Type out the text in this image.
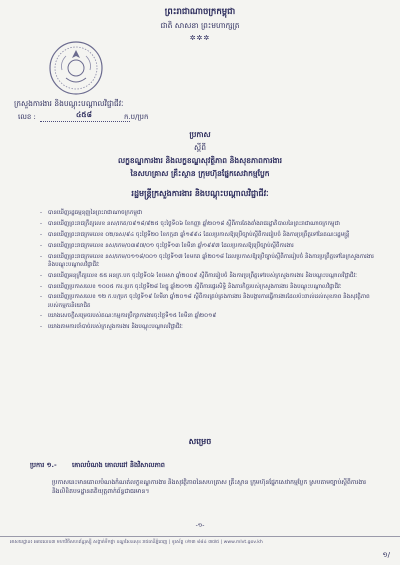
ព្រះរាជាណាចក្រកម្ពុជា
ជាតិ សាសនា ព្រះមហាក្សត្រ
✲✲✲
ក្រសួងការងារ និងបណ្ដុះបណ្ដាលវិជ្ជាជីវៈ
លេខ :	៤៥៨	ក.ប/ប្រក
ប្រកាស
ស្ដីពី
លក្ខខណ្ឌការងារ និងលក្ខខណ្ឌសុវត្ថិភាព និងសុខភាពការងារ
នៃសហគ្រាស គ្រឹះស្ថាន ក្រុមហ៊ុនផ្នែកសេវាកម្មប្លែក
រដ្ឋមន្ត្រីក្រសួងការងារ និងបណ្ដុះបណ្ដាលវិជ្ជាជីវៈ
- បានឃើញរដ្ឋធម្មនុញ្ញនៃព្រះរាជាណាចក្រកម្ពុជា
- បានឃើញព្រះរាជក្រឹត្យលេខ នស/រកត/០៩១៨/៩២៥ ចុះថ្ងៃទី០៦ ខែកញ្ញា ឆ្នាំ២០១៨ ស្ដីពីការតែងតាំងរាជរដ្ឋាភិបាលនៃព្រះរាជាណាចក្រកម្ពុជា
- បានឃើញព្រះរាជក្រមលេខ ០២/នស/៩៤ ចុះថ្ងៃទី២០ ខែកក្កដា ឆ្នាំ១៩៩៤ ដែលប្រកាសឱ្យប្រើច្បាប់ស្ដីពីការរៀបចំ និងការប្រព្រឹត្តទៅនៃគណៈរដ្ឋមន្ត្រី
- បានឃើញព្រះរាជក្រមលេខ នស/រកម/០៣៩៧/០១ ចុះថ្ងៃទី១៣ ខែមីនា ឆ្នាំ១៩៩៧ ដែលប្រកាសឱ្យប្រើច្បាប់ស្ដីពីការងារ
- បានឃើញព្រះរាជក្រមលេខ នស/រកម/០១១៨/០០១ ចុះថ្ងៃទី១៧ ខែមករា ឆ្នាំ២០១៨ ដែលប្រកាសឱ្យប្រើច្បាប់ស្ដីពីការរៀបចំ និងការប្រព្រឹត្តទៅនៃក្រសួងការងារ និងបណ្ដុះបណ្ដាលវិជ្ជាជីវៈ
- បានឃើញអនុក្រឹត្យលេខ ៥៥ អនក្រ.បក ចុះថ្ងៃទី០៦ ខែមេសា ឆ្នាំ២០០៩ ស្ដីពីការរៀបចំ និងការប្រព្រឹត្តទៅរបស់ក្រសួងការងារ និងបណ្ដុះបណ្ដាលវិជ្ជាជីវៈ
- បានឃើញប្រកាសលេខ ១០០៥ ការ.ប្រក ចុះថ្ងៃទី២៨ ខែធ្នូ ឆ្នាំ២០១២ ស្ដីពីការផ្ទេរសិទ្ធិ និងភារកិច្ចរបស់ក្រសួងការងារ និងបណ្ដុះបណ្ដាលវិជ្ជាជីវៈ
- បានឃើញប្រកាសលេខ ១២ ក.ប/ប្រក ចុះថ្ងៃទី១៩ ខែមីនា ឆ្នាំ២០១៨ ស្ដីពីការគ្រប់គ្រងការងារ និងបង្ការការធ្វើការងារដែលប៉ះពាល់ដល់សុខភាព និងសុវត្ថិភាពរបស់កម្មករនិយោជិត
- យោងសេចក្ដីសម្រេចរបស់គណៈកម្មការប្រឹក្សាការងារចុះថ្ងៃទី១៥ ខែមីនា ឆ្នាំ២០១៩
- យោងតាមការចាំបាច់របស់ក្រសួងការងារ និងបណ្ដុះបណ្ដាលវិជ្ជាជីវៈ
សម្រេច
ប្រការ ១.- គោលបំណង គោលដៅ និងវិសាលភាព
ប្រកាសនេះមានគោលបំណងកំណត់លក្ខខណ្ឌការងារ និងសុវត្ថិភាពនៃសហគ្រាស គ្រឹះស្ថាន ក្រុមហ៊ុនផ្នែកសេវាកម្មប្លែក ស្របតាមច្បាប់ស្ដីពីការងារ និងលិខិតបទដ្ឋានគតិយុត្តពាក់ព័ន្ធជាធរមាន។
-១-
អាសយដ្ឋាន៖ អគារលេខ៣ មហាវិថីសហព័ន្ធរុស្ស៊ី សង្កាត់ទឹកថ្លា ខណ្ឌសែនសុខ រាជធានីភ្នំពេញ | ទូរស័ព្ទ ០២៣ ៨៨៤ ៣៧៥ | www.mlvt.gov.kh
១/
